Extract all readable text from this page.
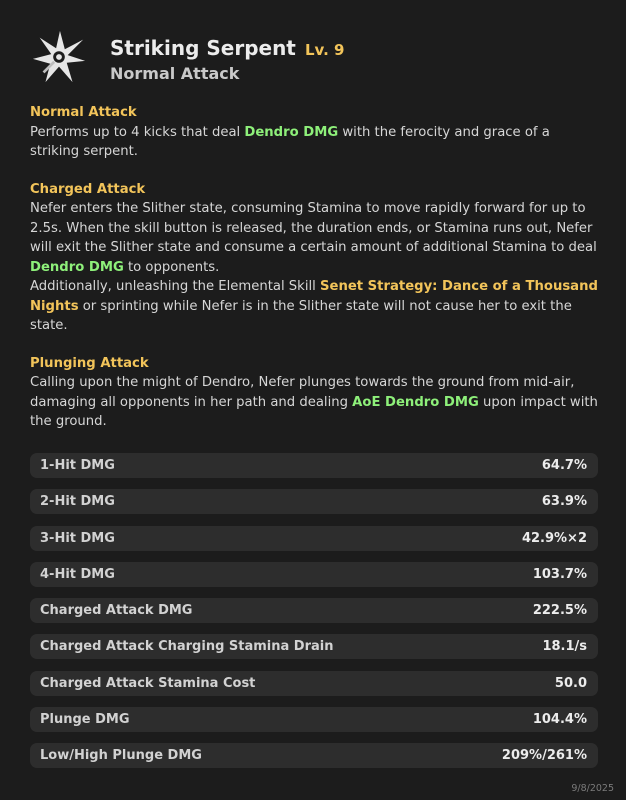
Striking Serpent Lv. 9
Normal Attack
Normal Attack
Performs up to 4 kicks that deal Dendro DMG with the ferocity and grace of a striking serpent.
Charged Attack
Nefer enters the Slither state, consuming Stamina to move rapidly forward for up to 2.5s. When the skill button is released, the duration ends, or Stamina runs out, Nefer will exit the Slither state and consume a certain amount of additional Stamina to deal Dendro DMG to opponents.
Additionally, unleashing the Elemental Skill Senet Strategy: Dance of a Thousand Nights or sprinting while Nefer is in the Slither state will not cause her to exit the state.
Plunging Attack
Calling upon the might of Dendro, Nefer plunges towards the ground from mid-air, damaging all opponents in her path and dealing AoE Dendro DMG upon impact with the ground.
1-Hit DMG	64.7%
2-Hit DMG	63.9%
3-Hit DMG	42.9%×2
4-Hit DMG	103.7%
Charged Attack DMG	222.5%
Charged Attack Charging Stamina Drain	18.1/s
Charged Attack Stamina Cost	50.0
Plunge DMG	104.4%
Low/High Plunge DMG	209%/261%
9/8/2025
